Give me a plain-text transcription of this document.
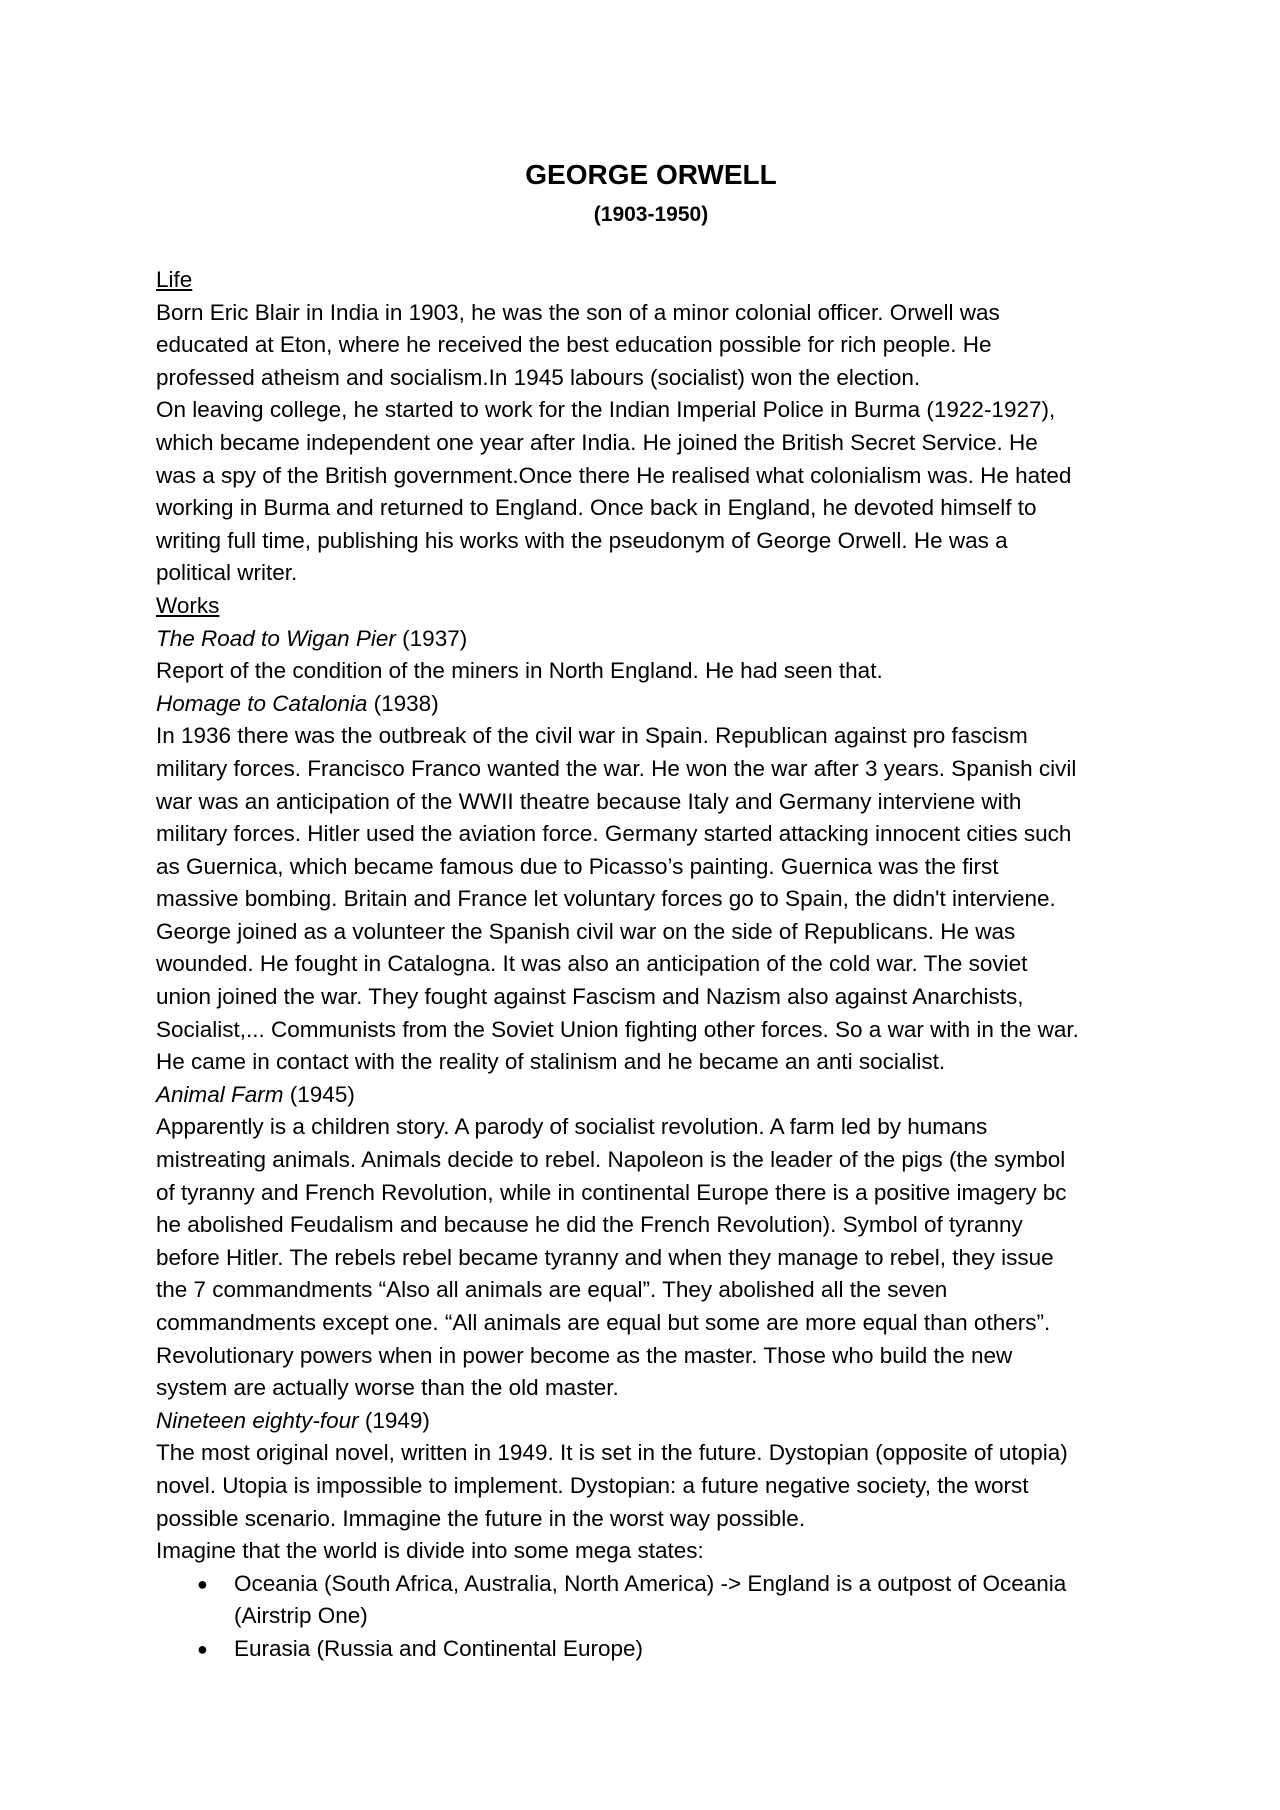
GEORGE ORWELL

(1903-1950)

Life

Born Eric Blair in India in 1903, he was the son of a minor colonial officer. Orwell was

educated at Eton, where he received the best education possible for rich people. He

professed atheism and socialism.In 1945 labours (socialist) won the election.

On leaving college, he started to work for the Indian Imperial Police in Burma (1922-1927),

which became independent one year after India. He joined the British Secret Service. He

was a spy of the British government.Once there He realised what colonialism was. He hated

working in Burma and returned to England. Once back in England, he devoted himself to

writing full time, publishing his works with the pseudonym of George Orwell. He was a

political writer.

Works

The Road to Wigan Pier (1937)

Report of the condition of the miners in North England. He had seen that.

Homage to Catalonia (1938)

In 1936 there was the outbreak of the civil war in Spain. Republican against pro fascism

military forces. Francisco Franco wanted the war. He won the war after 3 years. Spanish civil

war was an anticipation of the WWII theatre because Italy and Germany interviene with

military forces. Hitler used the aviation force. Germany started attacking innocent cities such

as Guernica, which became famous due to Picasso’s painting. Guernica was the first

massive bombing. Britain and France let voluntary forces go to Spain, the didn't interviene.

George joined as a volunteer the Spanish civil war on the side of Republicans. He was

wounded. He fought in Catalogna. It was also an anticipation of the cold war. The soviet

union joined the war. They fought against Fascism and Nazism also against Anarchists,

Socialist,... Communists from the Soviet Union fighting other forces. So a war with in the war.

He came in contact with the reality of stalinism and he became an anti socialist.

Animal Farm (1945)

Apparently is a children story. A parody of socialist revolution. A farm led by humans

mistreating animals. Animals decide to rebel. Napoleon is the leader of the pigs (the symbol

of tyranny and French Revolution, while in continental Europe there is a positive imagery bc

he abolished Feudalism and because he did the French Revolution). Symbol of tyranny

before Hitler. The rebels rebel became tyranny and when they manage to rebel, they issue

the 7 commandments “Also all animals are equal”. They abolished all the seven

commandments except one. “All animals are equal but some are more equal than others”.

Revolutionary powers when in power become as the master. Those who build the new

system are actually worse than the old master.

Nineteen eighty-four (1949)

The most original novel, written in 1949. It is set in the future. Dystopian (opposite of utopia)

novel. Utopia is impossible to implement. Dystopian: a future negative society, the worst

possible scenario. Immagine the future in the worst way possible.

Imagine that the world is divide into some mega states:

● Oceania (South Africa, Australia, North America) -> England is a outpost of Oceania
(Airstrip One)
● Eurasia (Russia and Continental Europe)
